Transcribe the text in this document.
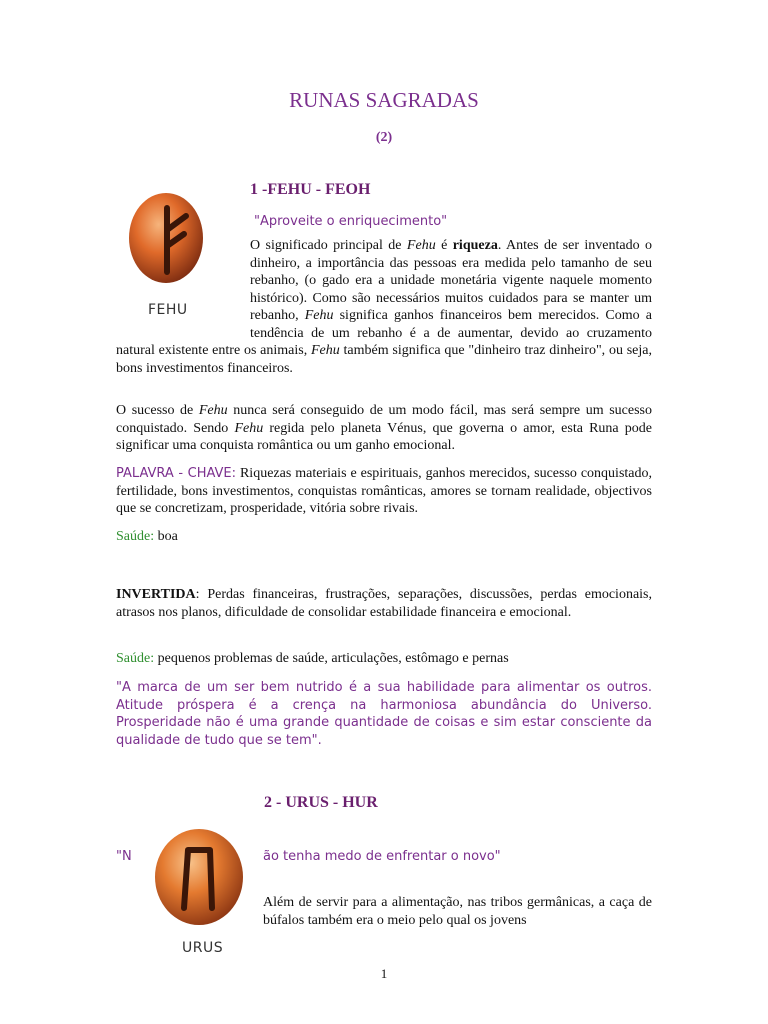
RUNAS SAGRADAS
(2)
1 -FEHU - FEOH
FEHU
"Aproveite o enriquecimento"
O significado principal de Fehu é riqueza. Antes de ser inventado o dinheiro, a importância das pessoas era medida pelo tamanho de seu rebanho, (o gado era a unidade monetária vigente naquele momento histórico). Como são necessários muitos cuidados para se manter um rebanho, Fehu significa ganhos financeiros bem merecidos. Como a tendência de um rebanho é a de aumentar, devido ao cruzamento natural existente entre os animais, Fehu também significa que "dinheiro traz dinheiro", ou seja, bons investimentos financeiros.
O sucesso de Fehu nunca será conseguido de um modo fácil, mas será sempre um sucesso conquistado. Sendo Fehu regida pelo planeta Vénus, que governa o amor, esta Runa pode significar uma conquista romântica ou um ganho emocional.
PALAVRA - CHAVE: Riquezas materiais e espirituais, ganhos merecidos, sucesso conquistado, fertilidade, bons investimentos, conquistas românticas, amores se tornam realidade, objectivos que se concretizam, prosperidade, vitória sobre rivais.
Saúde: boa
INVERTIDA: Perdas financeiras, frustrações, separações, discussões, perdas emocionais, atrasos nos planos, dificuldade de consolidar estabilidade financeira e emocional.
Saúde: pequenos problemas de saúde, articulações, estômago e pernas
"A marca de um ser bem nutrido é a sua habilidade para alimentar os outros. Atitude próspera é a crença na harmoniosa abundância do Universo. Prosperidade não é uma grande quantidade de coisas e sim estar consciente da qualidade de tudo que se tem".
2 - URUS - HUR
URUS
"N	ão tenha medo de enfrentar o novo"
Além de servir para a alimentação, nas tribos germânicas, a caça de búfalos também era o meio pelo qual os jovens
1
